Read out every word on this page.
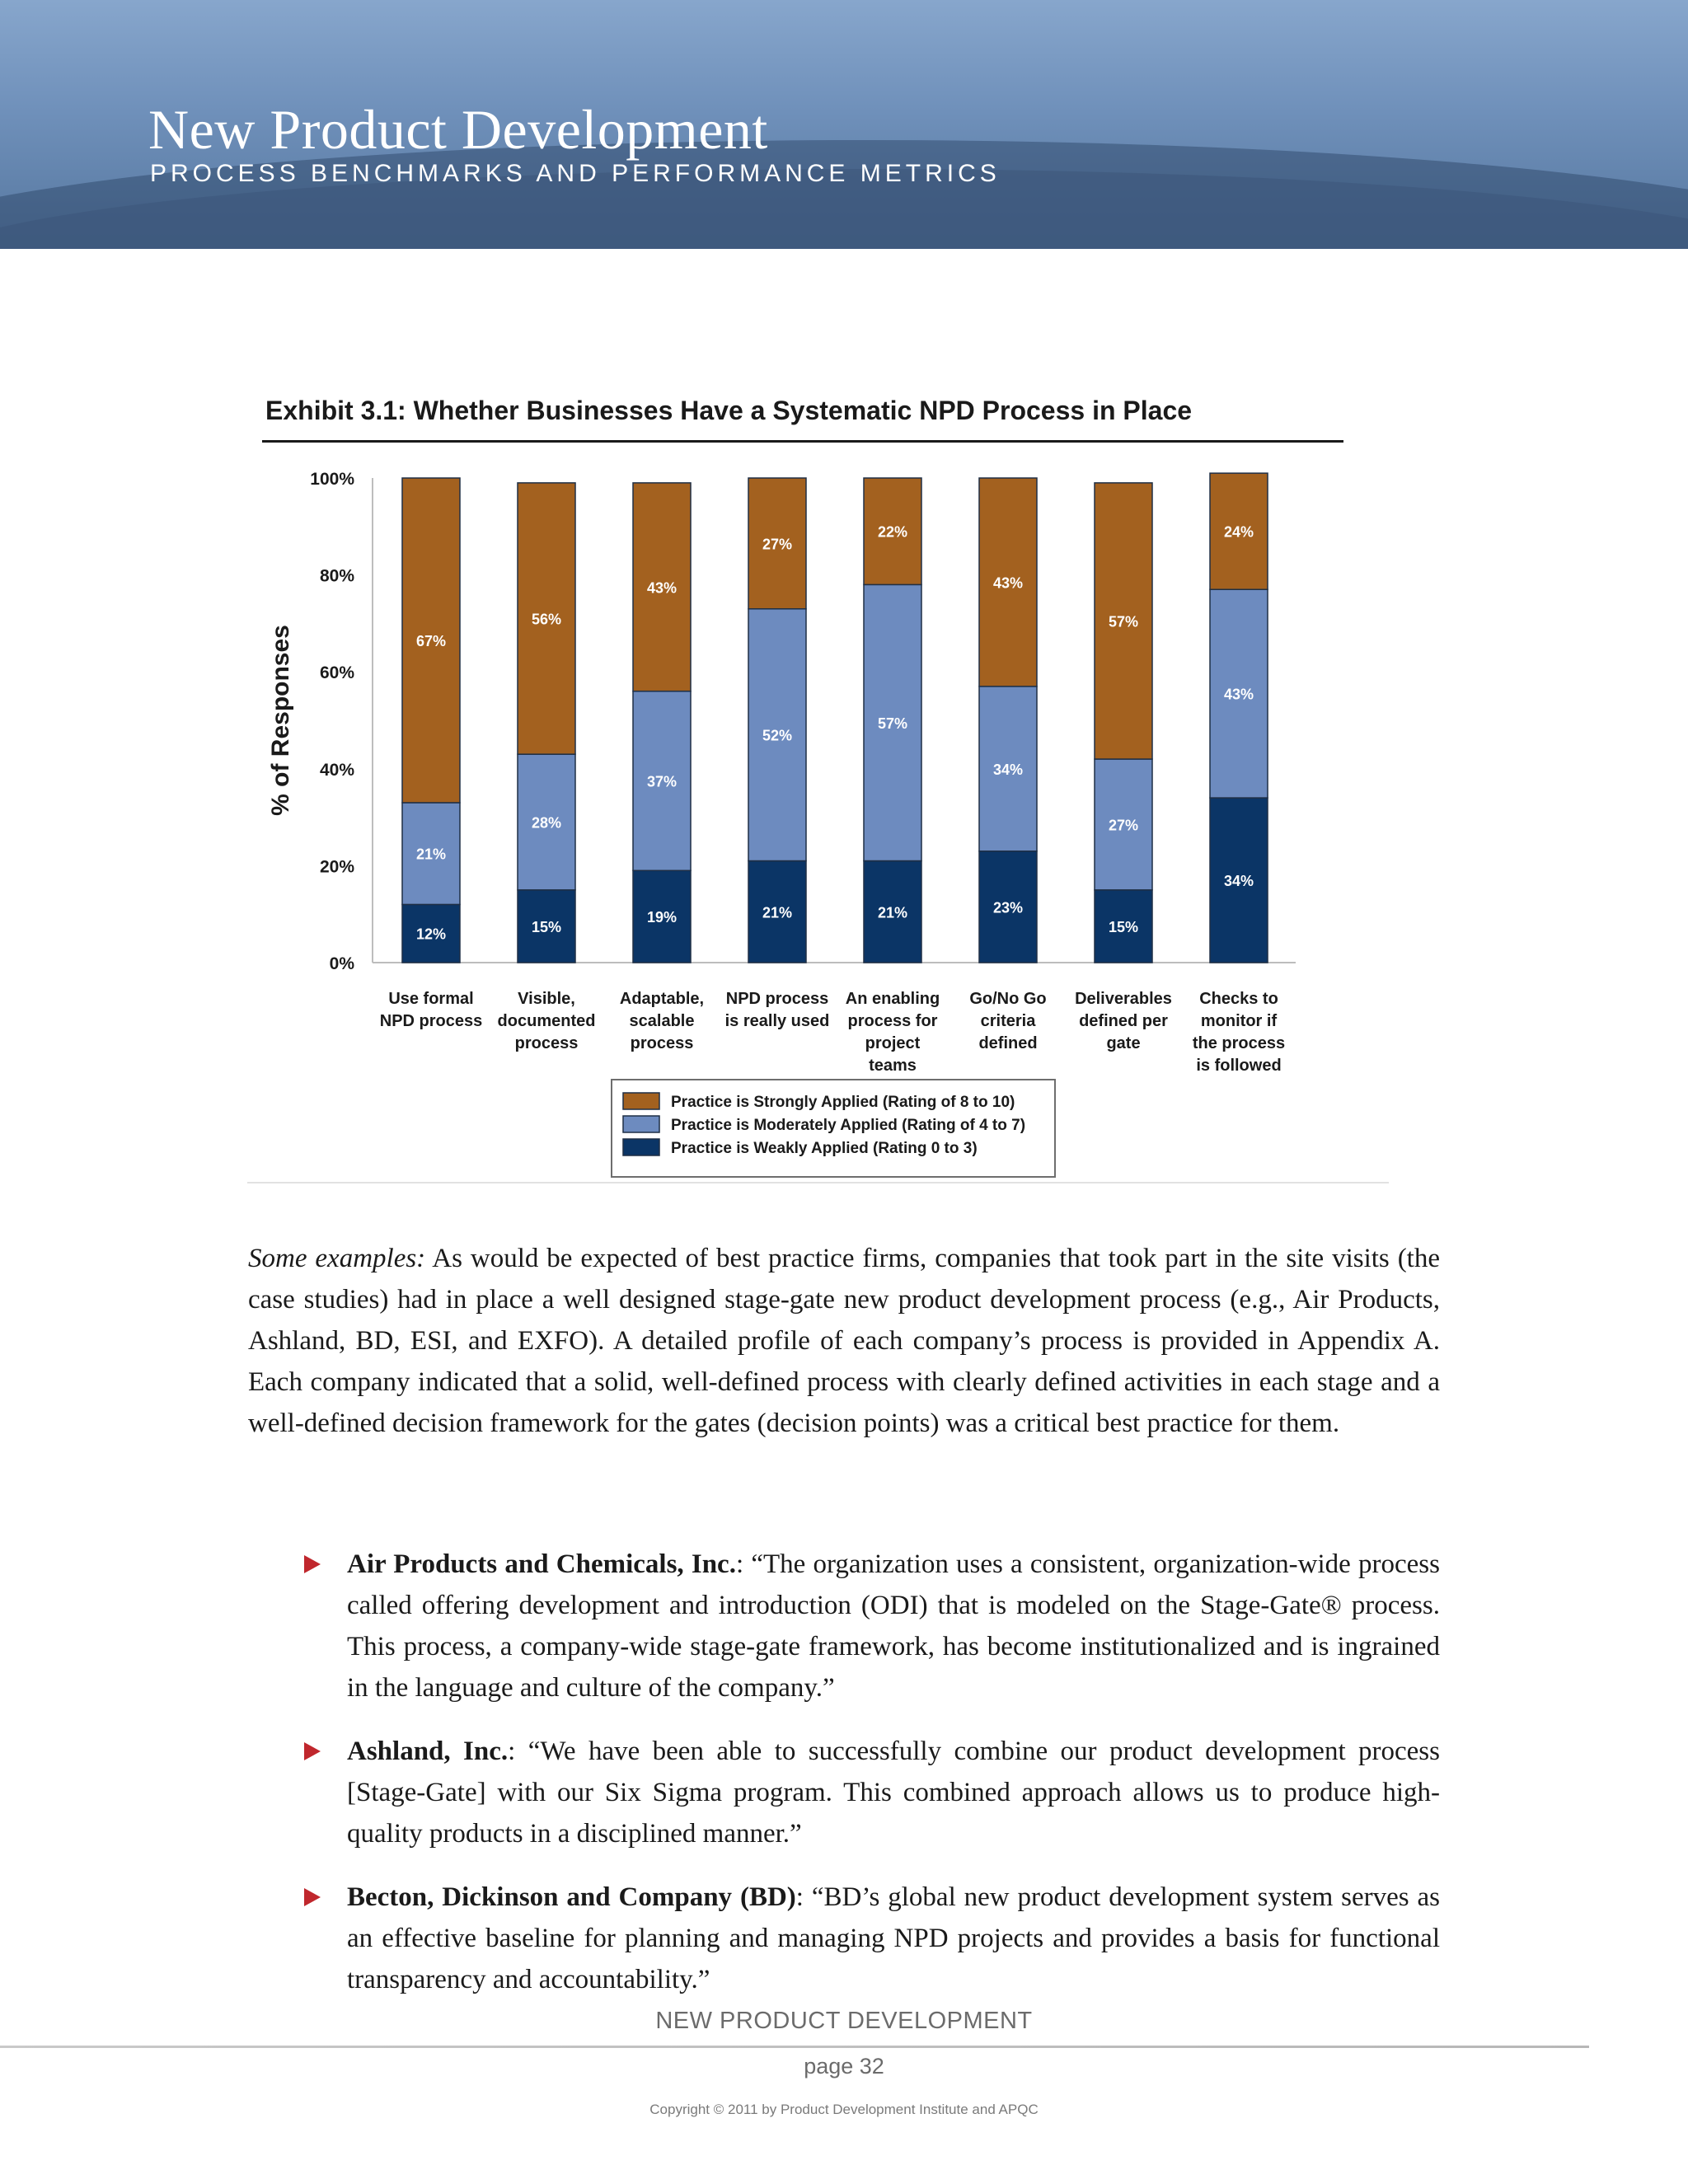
New Product Development
PROCESS BENCHMARKS AND PERFORMANCE METRICS
Exhibit 3.1: Whether Businesses Have a Systematic NPD Process in Place
0%
20%
40%
60%
80%
100%
% of Responses
12%
21%
67%
Use formal
NPD process
15%
28%
56%
Visible,
documented
process
19%
37%
43%
Adaptable,
scalable
process
21%
52%
27%
NPD process
is really used
21%
57%
22%
An enabling
process for
project
teams
23%
34%
43%
Go/No Go
criteria
defined
15%
27%
57%
Deliverables
defined per
gate
34%
43%
24%
Checks to
monitor if
the process
is followed
Practice is Strongly Applied (Rating of 8 to 10)
Practice is Moderately Applied (Rating of 4 to 7)
Practice is Weakly Applied (Rating 0 to 3)
Some examples: As would be expected of best practice firms, companies that took part in the site visits (the case studies) had in place a well designed stage-gate new product development process (e.g., Air Products, Ashland, BD, ESI, and EXFO). A detailed profile of each company’s process is provided in Appendix A. Each company indicated that a solid, well-defined process with clearly defined activities in each stage and a well-defined decision framework for the gates (decision points) was a critical best practice for them.
Air Products and Chemicals, Inc.: “The organization uses a consistent, organization-wide process called offering development and introduction (ODI) that is modeled on the Stage-Gate® process. This process, a company-wide stage-gate framework, has become institutionalized and is ingrained in the language and culture of the company.”
Ashland, Inc.: “We have been able to successfully combine our product development process [Stage-Gate] with our Six Sigma program. This combined approach allows us to produce high-quality products in a disciplined manner.”
Becton, Dickinson and Company (BD): “BD’s global new product development system serves as an effective baseline for planning and managing NPD projects and provides a basis for functional transparency and accountability.”
NEW PRODUCT DEVELOPMENT
page 32
Copyright © 2011 by Product Development Institute and APQC
